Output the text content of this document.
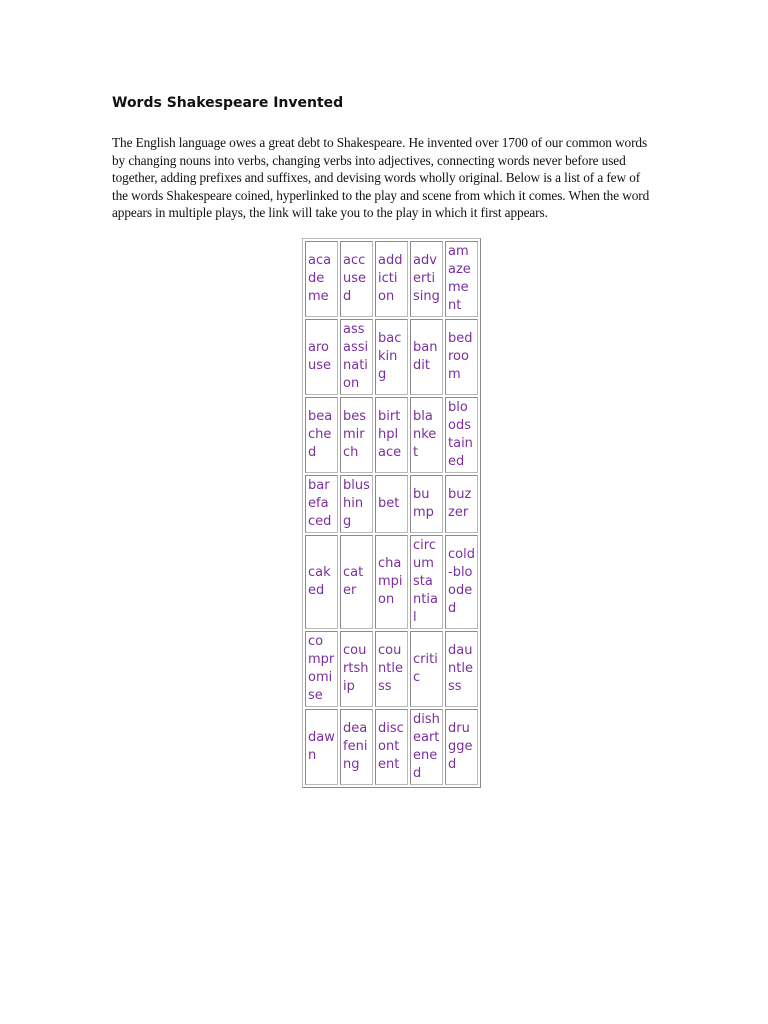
Words Shakespeare Invented

The English language owes a great debt to Shakespeare. He invented over 1700 of our common words by changing nouns into verbs, changing verbs into adjectives, connecting words never before used together, adding prefixes and suffixes, and devising words wholly original. Below is a list of a few of the words Shakespeare coined, hyperlinked to the play and scene from which it comes. When the word appears in multiple plays, the link will take you to the play in which it first appears.

academe	accused	addiction	advertising	amazement
arouse	assassination	backing	bandit	bedroom
beached	besmirch	birthplace	blanket	bloodstained
barefaced	blushing	bet	bump	buzzer
caked	cater	champion	circumstantial	cold-blooded
compromise	courtship	countless	critic	dauntless
dawn	deafening	discontent	disheartened	drugged
